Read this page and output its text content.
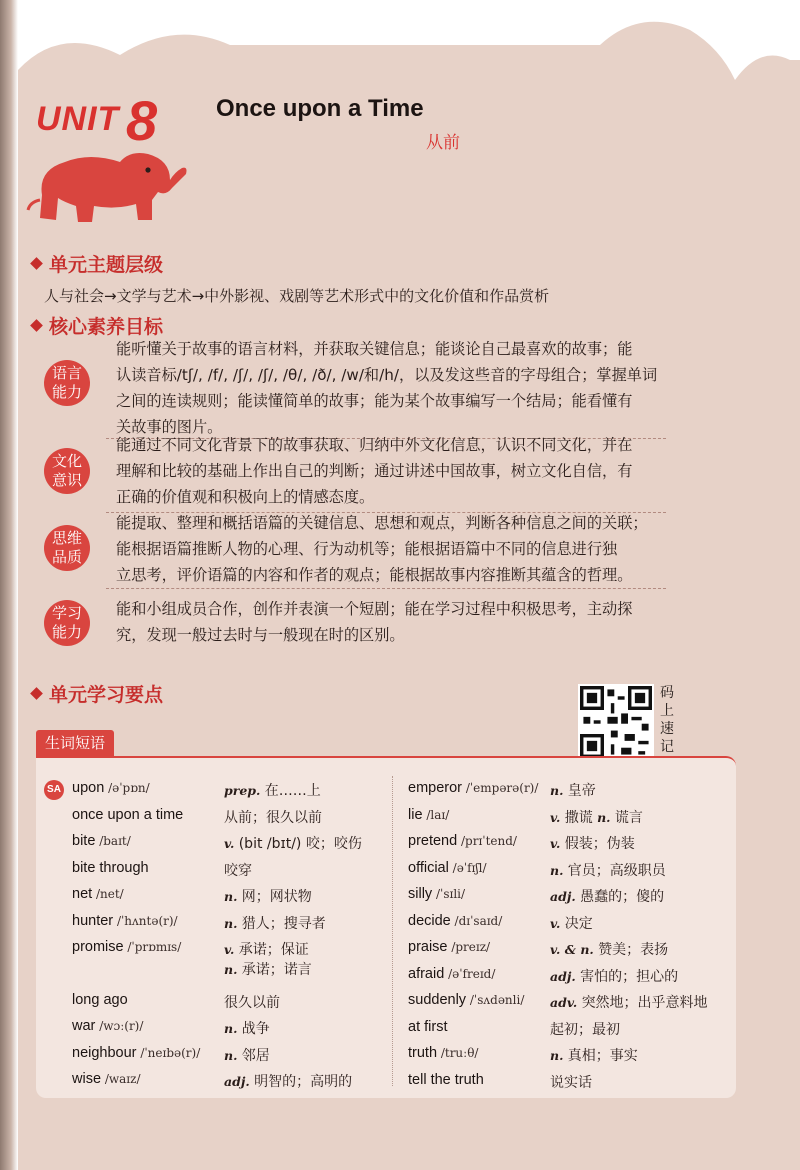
UNIT 8 Once upon a Time
从前
单元主题层级
人与社会→文学与艺术→中外影视、戏剧等艺术形式中的文化价值和作品赏析
核心素养目标
语言
能力
能听懂关于故事的语言材料，并获取关键信息；能谈论自己最喜欢的故事；能
认读音标/tʃ/, /f/, /ʃ/, /ʃ/, /θ/, /ð/, /w/和/h/，以及发这些音的字母组合；掌握单词
之间的连读规则；能读懂简单的故事；能为某个故事编写一个结局；能看懂有
关故事的图片。
文化
意识
能通过不同文化背景下的故事获取、归纳中外文化信息，认识不同文化，并在
理解和比较的基础上作出自己的判断；通过讲述中国故事，树立文化自信，有
正确的价值观和积极向上的情感态度。
思维
品质
能提取、整理和概括语篇的关键信息、思想和观点，判断各种信息之间的关联；
能根据语篇推断人物的心理、行为动机等；能根据语篇中不同的信息进行独
立思考，评价语篇的内容和作者的观点；能根据故事内容推断其蕴含的哲理。
学习
能力
能和小组成员合作，创作并表演一个短剧；能在学习过程中积极思考，主动探
究，发现一般过去时与一般现在时的区别。
单元学习要点	码
上
速
记
生词短语
SA upon /əˈpɒn/	prep. 在……上
once upon a time	从前；很久以前
bite /baɪt/	v. (bit /bɪt/) 咬；咬伤
bite through	咬穿
net /net/	n. 网；网状物
hunter /ˈhʌntə(r)/	n. 猎人；搜寻者
promise /ˈprɒmɪs/	v. 承诺；保证
n. 承诺；诺言
long ago	很久以前
war /wɔː(r)/	n. 战争
neighbour /ˈneɪbə(r)/ n. 邻居
wise /waɪz/	adj. 明智的；高明的
emperor /ˈempərə(r)/ n. 皇帝
lie /laɪ/	v. 撒谎 n. 谎言
pretend /prɪˈtend/	v. 假装；伪装
official /əˈfɪʃl/	n. 官员；高级职员
silly /ˈsɪli/	adj. 愚蠢的；傻的
decide /dɪˈsaɪd/	v. 决定
praise /preɪz/	v. & n. 赞美；表扬
afraid /əˈfreɪd/	adj. 害怕的；担心的
suddenly /ˈsʌdənli/ adv. 突然地；出乎意料地
at first	起初；最初
truth /truːθ/	n. 真相；事实
tell the truth	说实话
